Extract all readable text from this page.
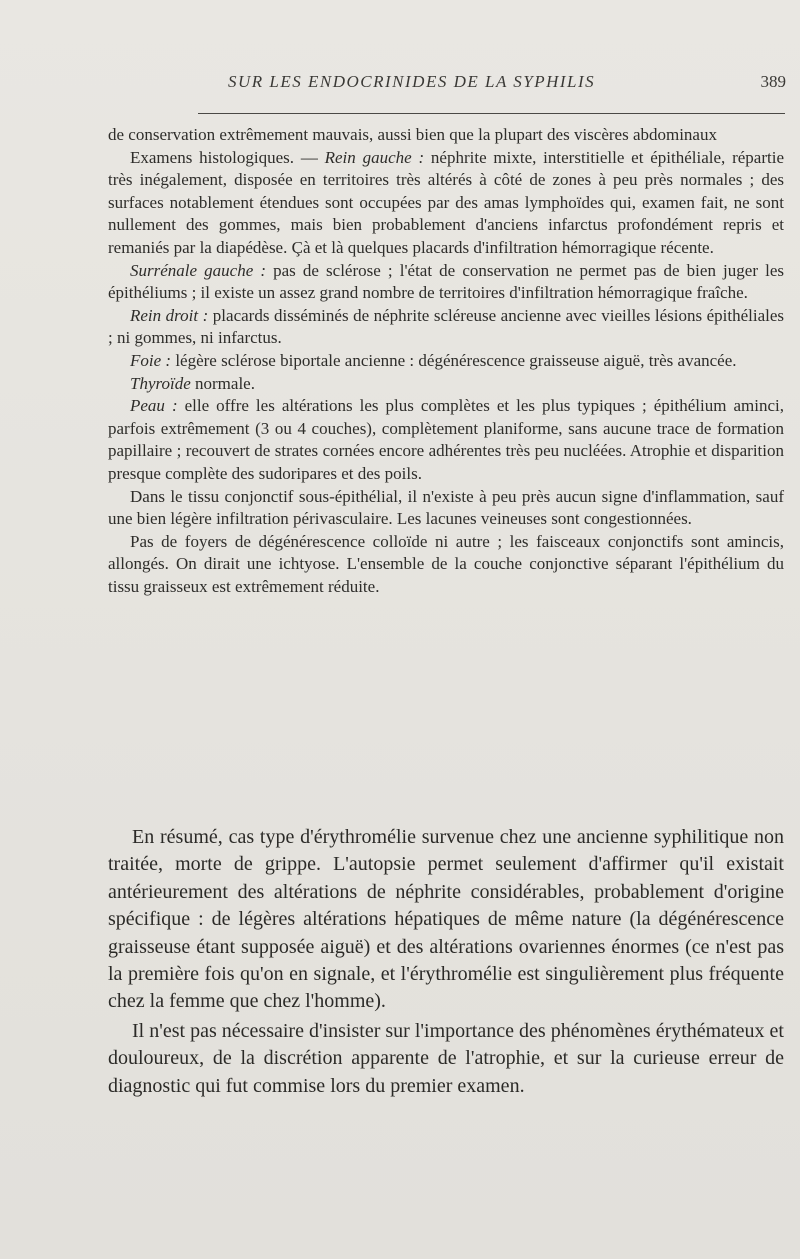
SUR LES ENDOCRINIDES DE LA SYPHILIS	389

de conservation extrêmement mauvais, aussi bien que la plupart des viscères abdominaux

Examens histologiques. — Rein gauche : néphrite mixte, interstitielle et épithéliale, répartie très inégalement, disposée en territoires très altérés à côté de zones à peu près normales ; des surfaces notablement étendues sont occupées par des amas lymphoïdes qui, examen fait, ne sont nullement des gommes, mais bien probablement d'anciens infarctus profondément repris et remaniés par la diapédèse. Çà et là quelques placards d'infiltration hémorragique récente.

Surrénale gauche : pas de sclérose ; l'état de conservation ne permet pas de bien juger les épithéliums ; il existe un assez grand nombre de territoires d'infiltration hémorragique fraîche.

Rein droit : placards disséminés de néphrite scléreuse ancienne avec vieilles lésions épithéliales ; ni gommes, ni infarctus.

Foie : légère sclérose biportale ancienne : dégénérescence graisseuse aiguë, très avancée.

Thyroïde normale.

Peau : elle offre les altérations les plus complètes et les plus typiques ; épithélium aminci, parfois extrêmement (3 ou 4 couches), complètement planiforme, sans aucune trace de formation papillaire ; recouvert de strates cornées encore adhérentes très peu nucléées. Atrophie et disparition presque complète des sudoripares et des poils.

Dans le tissu conjonctif sous-épithélial, il n'existe à peu près aucun signe d'inflammation, sauf une bien légère infiltration périvasculaire. Les lacunes veineuses sont congestionnées.

Pas de foyers de dégénérescence colloïde ni autre ; les faisceaux conjonctifs sont amincis, allongés. On dirait une ichtyose. L'ensemble de la couche conjonctive séparant l'épithélium du tissu graisseux est extrêmement réduite.

En résumé, cas type d'érythromélie survenue chez une ancienne syphilitique non traitée, morte de grippe. L'autopsie permet seulement d'affirmer qu'il existait antérieurement des altérations de néphrite considérables, probablement d'origine spécifique : de légères altérations hépatiques de même nature (la dégénérescence graisseuse étant supposée aiguë) et des altérations ovariennes énormes (ce n'est pas la première fois qu'on en signale, et l'érythromélie est singulièrement plus fréquente chez la femme que chez l'homme).

Il n'est pas nécessaire d'insister sur l'importance des phénomènes érythémateux et douloureux, de la discrétion apparente de l'atrophie, et sur la curieuse erreur de diagnostic qui fut commise lors du premier examen.
